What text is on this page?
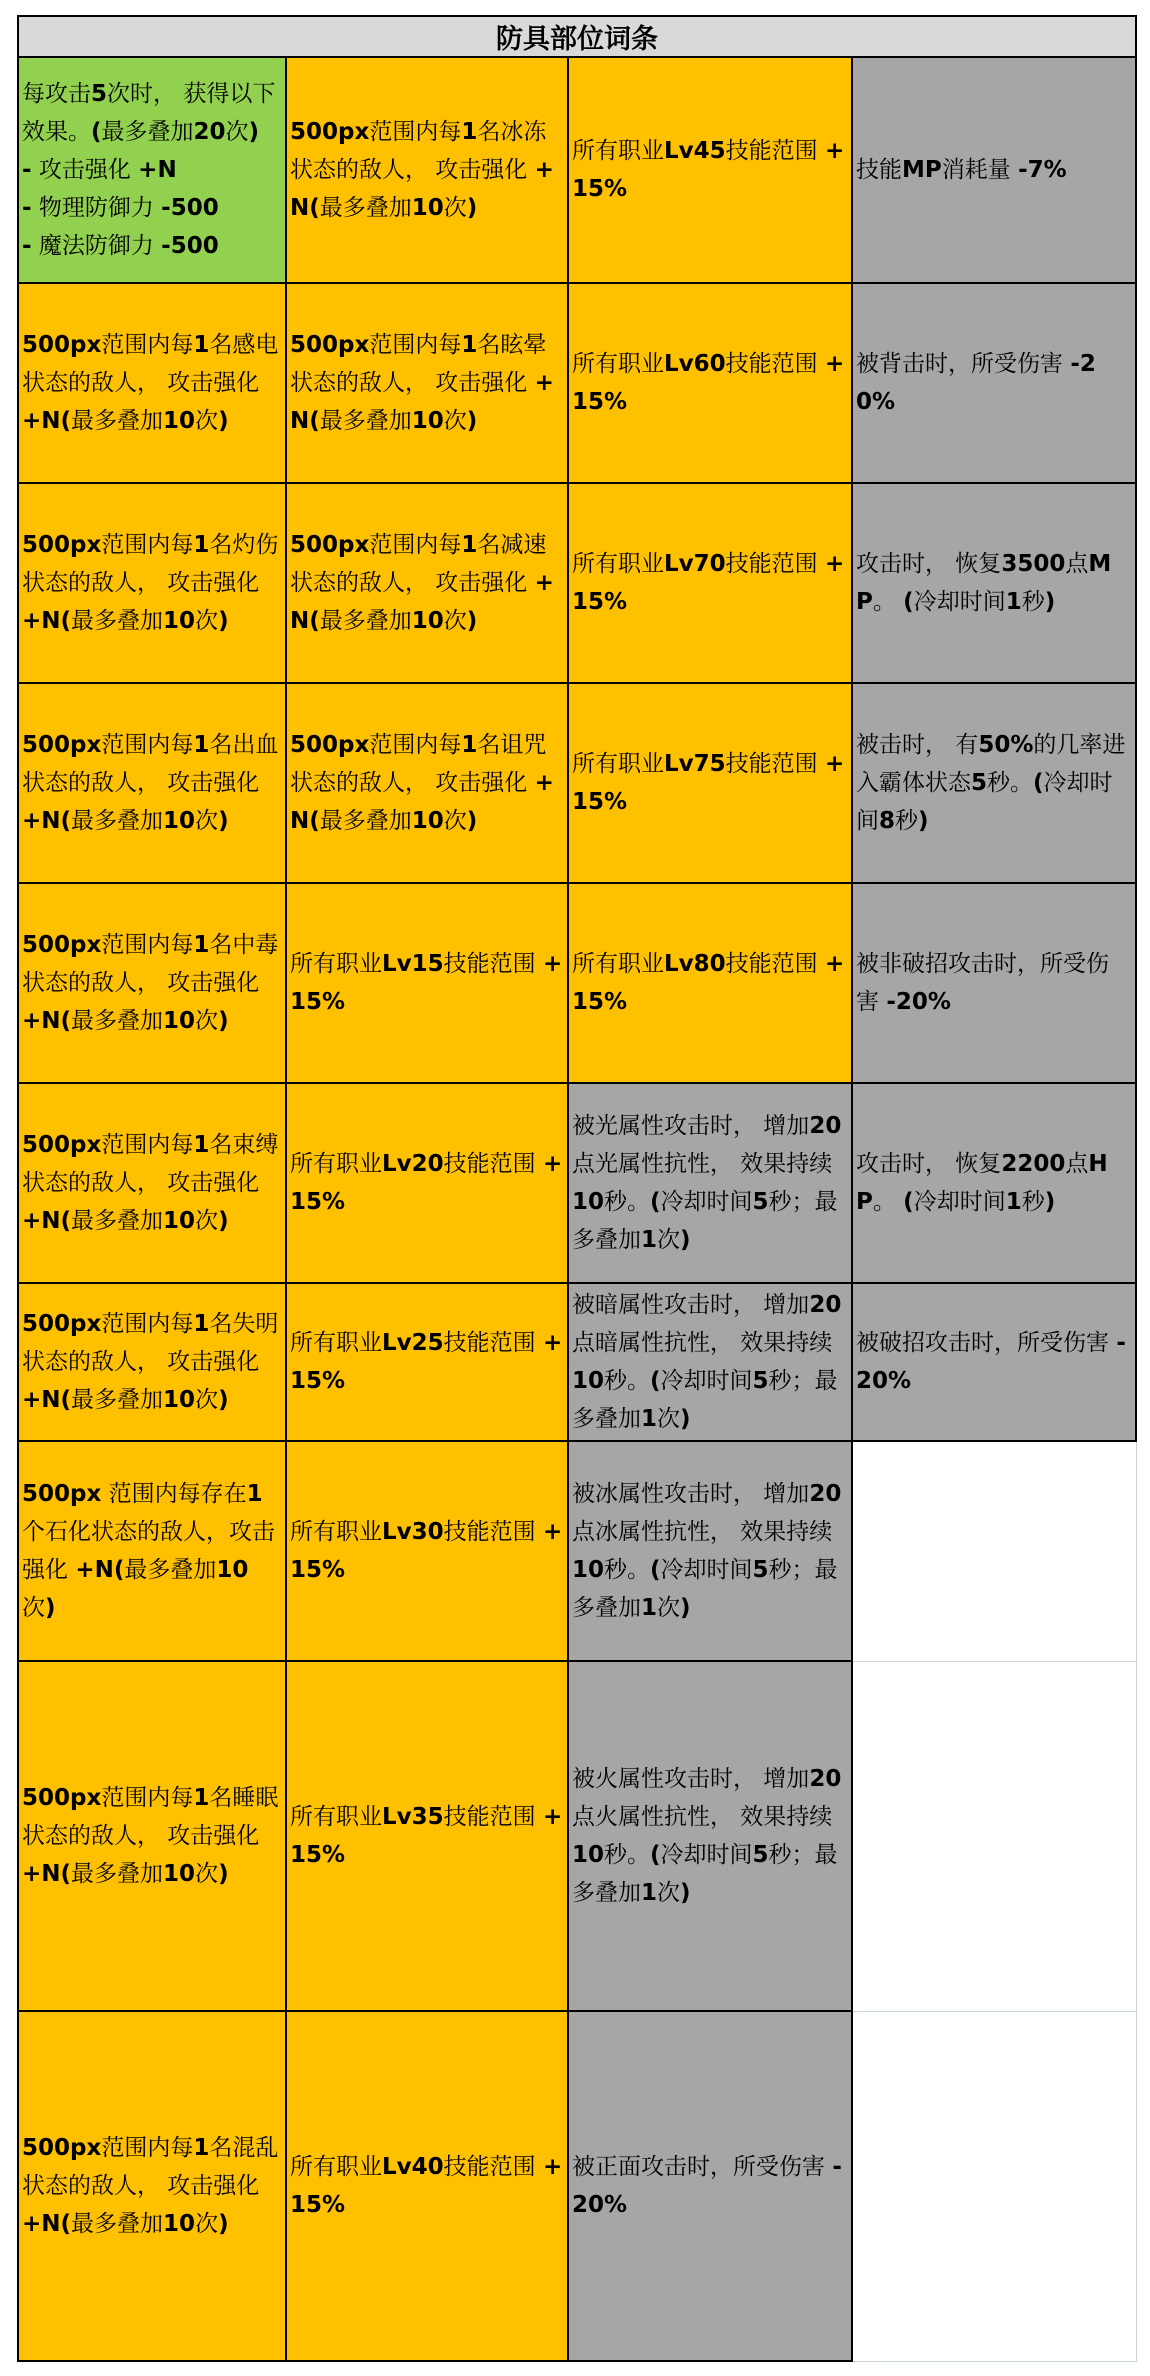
防具部位词条			

每攻击5次时， 获得以下效果。(最多叠加20次)
- 攻击强化 +N
- 物理防御力 -500
- 魔法防御力 -500	500px范围内每1名冰冻状态的敌人， 攻击强化 +N(最多叠加10次)	所有职业Lv45技能范围 + 15%	技能MP消耗量 -7%

500px范围内每1名感电状态的敌人， 攻击强化 +N(最多叠加10次)	500px范围内每1名眩晕状态的敌人， 攻击强化 +N(最多叠加10次)	所有职业Lv60技能范围 + 15%	被背击时，所受伤害 -20%

500px范围内每1名灼伤状态的敌人， 攻击强化 +N(最多叠加10次)	500px范围内每1名减速状态的敌人， 攻击强化 +N(最多叠加10次)	所有职业Lv70技能范围 + 15%	攻击时， 恢复3500点MP。 (冷却时间1秒)

500px范围内每1名出血状态的敌人， 攻击强化 +N(最多叠加10次)	500px范围内每1名诅咒状态的敌人， 攻击强化 +N(最多叠加10次)	所有职业Lv75技能范围 + 15%	被击时， 有50%的几率进入霸体状态5秒。(冷却时间8秒)

500px范围内每1名中毒状态的敌人， 攻击强化 +N(最多叠加10次)	所有职业Lv15技能范围 + 15%	所有职业Lv80技能范围 + 15%	被非破招攻击时，所受伤害 -20%

500px范围内每1名束缚状态的敌人， 攻击强化 +N(最多叠加10次)	所有职业Lv20技能范围 + 15%	被光属性攻击时， 增加20点光属性抗性， 效果持续10秒。(冷却时间5秒；最多叠加1次)	攻击时， 恢复2200点HP。 (冷却时间1秒)

500px范围内每1名失明状态的敌人， 攻击强化 +N(最多叠加10次)	所有职业Lv25技能范围 + 15%	被暗属性攻击时， 增加20点暗属性抗性， 效果持续10秒。(冷却时间5秒；最多叠加1次)	被破招攻击时，所受伤害 -20%

500px 范围内每存在1个石化状态的敌人，攻击强化 +N(最多叠加10次)	所有职业Lv30技能范围 + 15%	被冰属性攻击时， 增加20点冰属性抗性， 效果持续10秒。(冷却时间5秒；最多叠加1次)	

500px范围内每1名睡眠状态的敌人， 攻击强化 +N(最多叠加10次)	所有职业Lv35技能范围 + 15%	被火属性攻击时， 增加20点火属性抗性， 效果持续10秒。(冷却时间5秒；最多叠加1次)	

500px范围内每1名混乱状态的敌人， 攻击强化 +N(最多叠加10次)	所有职业Lv40技能范围 + 15%	被正面攻击时，所受伤害 -20%	
